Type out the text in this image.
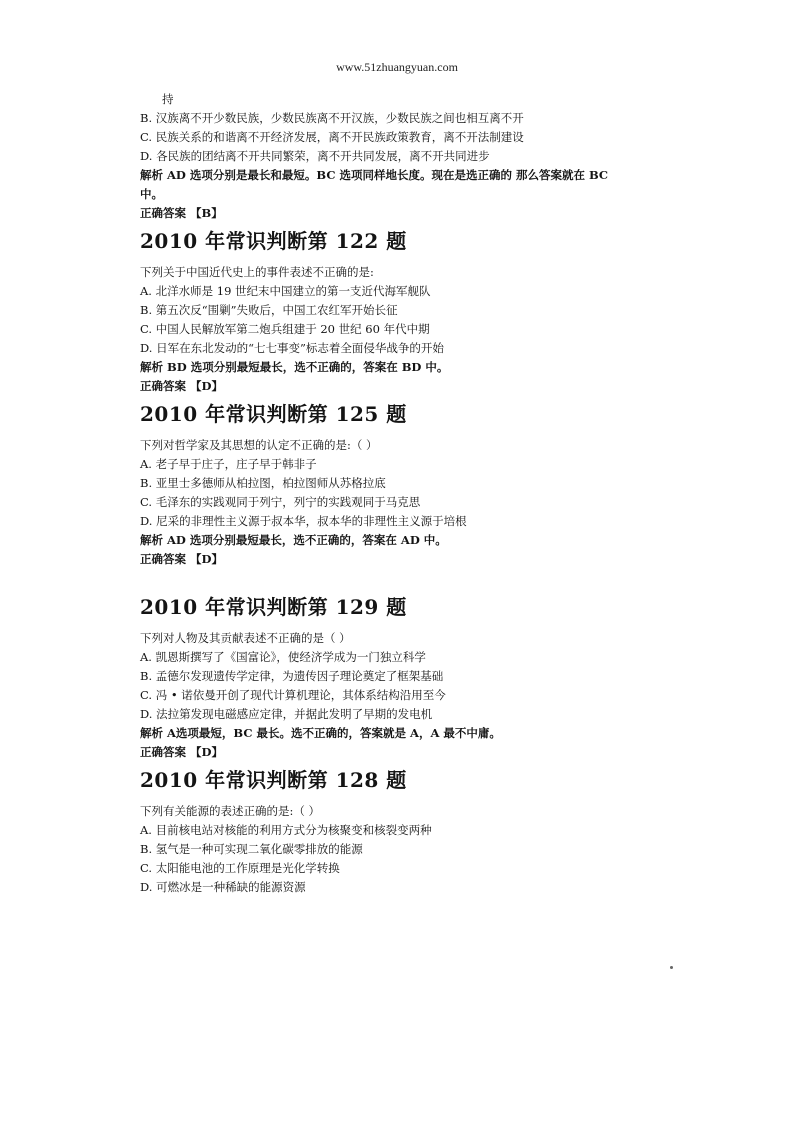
www.51zhuangyuan.com
持
B. 汉族离不开少数民族，少数民族离不开汉族，少数民族之间也相互离不开
C. 民族关系的和谐离不开经济发展，离不开民族政策教育，离不开法制建设
D. 各民族的团结离不开共同繁荣，离不开共同发展，离不开共同进步
解析 AD 选项分别是最长和最短。BC 选项同样地长度。现在是选正确的 那么答案就在 BC
中。
正确答案 【B】
2010 年常识判断第 122 题
下列关于中国近代史上的事件表述不正确的是:
A. 北洋水师是 19 世纪末中国建立的第一支近代海军舰队
B. 第五次反“围剿”失败后，中国工农红军开始长征
C. 中国人民解放军第二炮兵组建于 20 世纪 60 年代中期
D. 日军在东北发动的“七七事变”标志着全面侵华战争的开始
解析 BD 选项分别最短最长，选不正确的，答案在 BD 中。
正确答案 【D】
2010 年常识判断第 125 题
下列对哲学家及其思想的认定不正确的是:（ ）
A. 老子早于庄子，庄子早于韩非子
B. 亚里士多德师从柏拉图，柏拉图师从苏格拉底
C. 毛泽东的实践观同于列宁，列宁的实践观同于马克思
D. 尼采的非理性主义源于叔本华，叔本华的非理性主义源于培根
解析 AD 选项分别最短最长，选不正确的，答案在 AD 中。
正确答案 【D】
2010 年常识判断第 129 题
下列对人物及其贡献表述不正确的是（ ）
A. 凯恩斯撰写了《国富论》，使经济学成为一门独立科学
B. 孟德尔发现遗传学定律，为遗传因子理论奠定了框架基础
C. 冯 • 诺依曼开创了现代计算机理论，其体系结构沿用至今
D. 法拉第发现电磁感应定律，并据此发明了早期的发电机
解析 A选项最短，BC 最长。选不正确的，答案就是 A，A 最不中庸。
正确答案 【D】
2010 年常识判断第 128 题
下列有关能源的表述正确的是:（ ）
A. 目前核电站对核能的利用方式分为核聚变和核裂变两种
B. 氢气是一种可实现二氧化碳零排放的能源
C. 太阳能电池的工作原理是光化学转换
D. 可燃冰是一种稀缺的能源资源
